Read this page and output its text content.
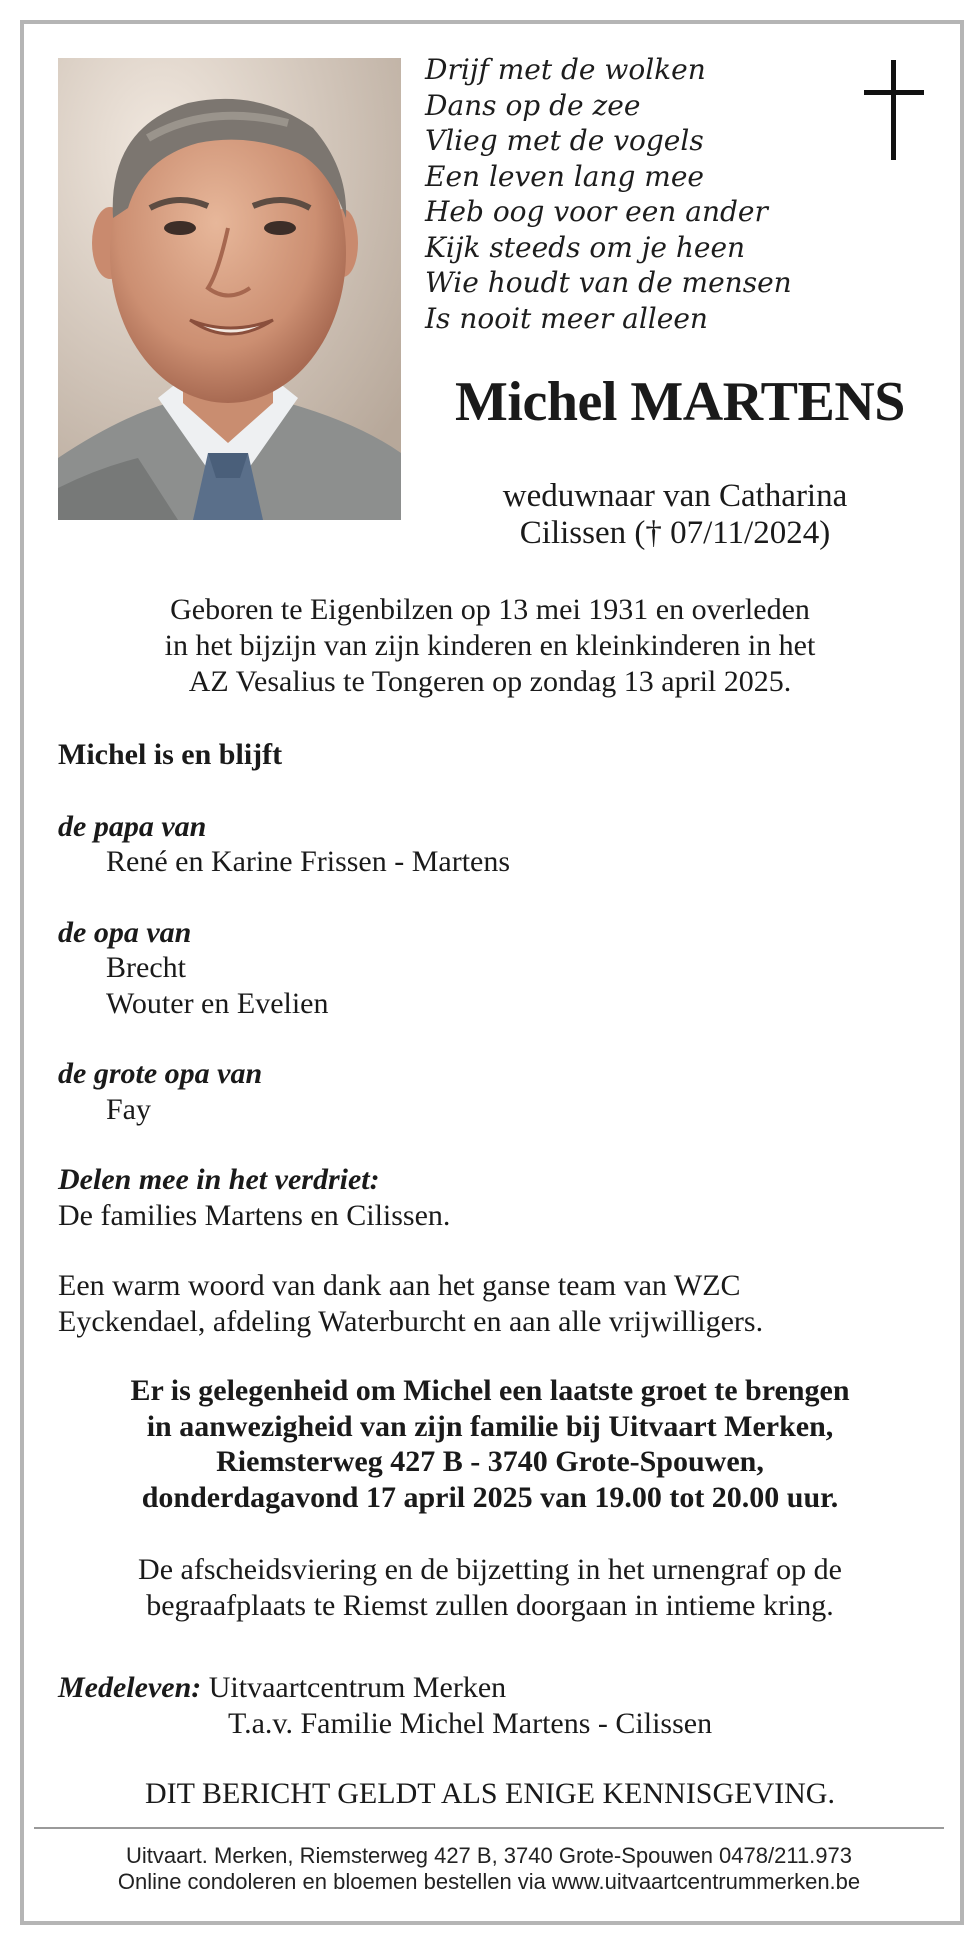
Drijf met de wolken
Dans op de zee
Vlieg met de vogels
Een leven lang mee
Heb oog voor een ander
Kijk steeds om je heen
Wie houdt van de mensen
Is nooit meer alleen
Michel MARTENS
weduwnaar van Catharina
Cilissen († 07/11/2024)
Geboren te Eigenbilzen op 13 mei 1931 en overleden
in het bijzijn van zijn kinderen en kleinkinderen in het
AZ Vesalius te Tongeren op zondag 13 april 2025.
Michel is en blijft
de papa van
René en Karine Frissen - Martens
de opa van
Brecht
Wouter en Evelien
de grote opa van
Fay
Delen mee in het verdriet:
De families Martens en Cilissen.
Een warm woord van dank aan het ganse team van WZC
Eyckendael, afdeling Waterburcht en aan alle vrijwilligers.
Er is gelegenheid om Michel een laatste groet te brengen
in aanwezigheid van zijn familie bij Uitvaart Merken,
Riemsterweg 427 B - 3740 Grote-Spouwen,
donderdagavond 17 april 2025 van 19.00 tot 20.00 uur.
De afscheidsviering en de bijzetting in het urnengraf op de
begraafplaats te Riemst zullen doorgaan in intieme kring.
Medeleven: Uitvaartcentrum Merken
T.a.v. Familie Michel Martens - Cilissen
DIT BERICHT GELDT ALS ENIGE KENNISGEVING.
Uitvaart. Merken, Riemsterweg 427 B, 3740 Grote-Spouwen 0478/211.973
Online condoleren en bloemen bestellen via www.uitvaartcentrummerken.be
